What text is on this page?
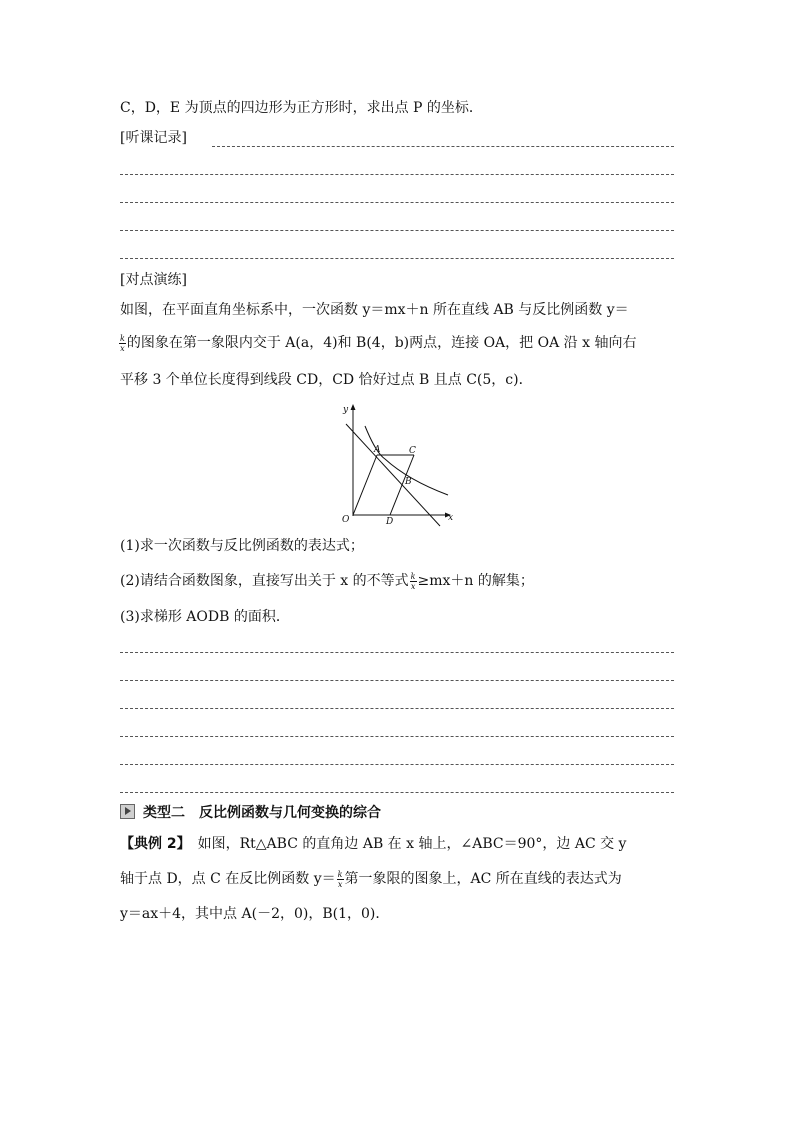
C，D，E 为顶点的四边形为正方形时，求出点 P 的坐标．
[听课记录]
[对点演练]
如图，在平面直角坐标系中，一次函数 y＝mx＋n 所在直线 AB 与反比例函数 y＝
$\frac{k}{x}$ 的图象在第一象限内交于 A(a，4)和 B(4，b)两点，连接 OA，把 OA 沿 x 轴向右
平移 3 个单位长度得到线段 CD，CD 恰好过点 B 且点 C(5，c)．
y
x
O
A	C
B
D
(1)求一次函数与反比例函数的表达式；
(2)请结合函数图象，直接写出关于 x 的不等式 $\frac{k}{x} \ge mx+n$ 的解集；
(3)求梯形 AODB 的面积．
类型二　反比例函数与几何变换的综合
【典例 2】　如图，Rt△ABC 的直角边 AB 在 x 轴上，∠ABC＝90°，边 AC 交 y
轴于点 D，点 C 在反比例函数 $y= \frac{k}{x}$ 第一象限的图象上，AC 所在直线的表达式为
y＝ax＋4，其中点 A(－2，0)，B(1，0)．
